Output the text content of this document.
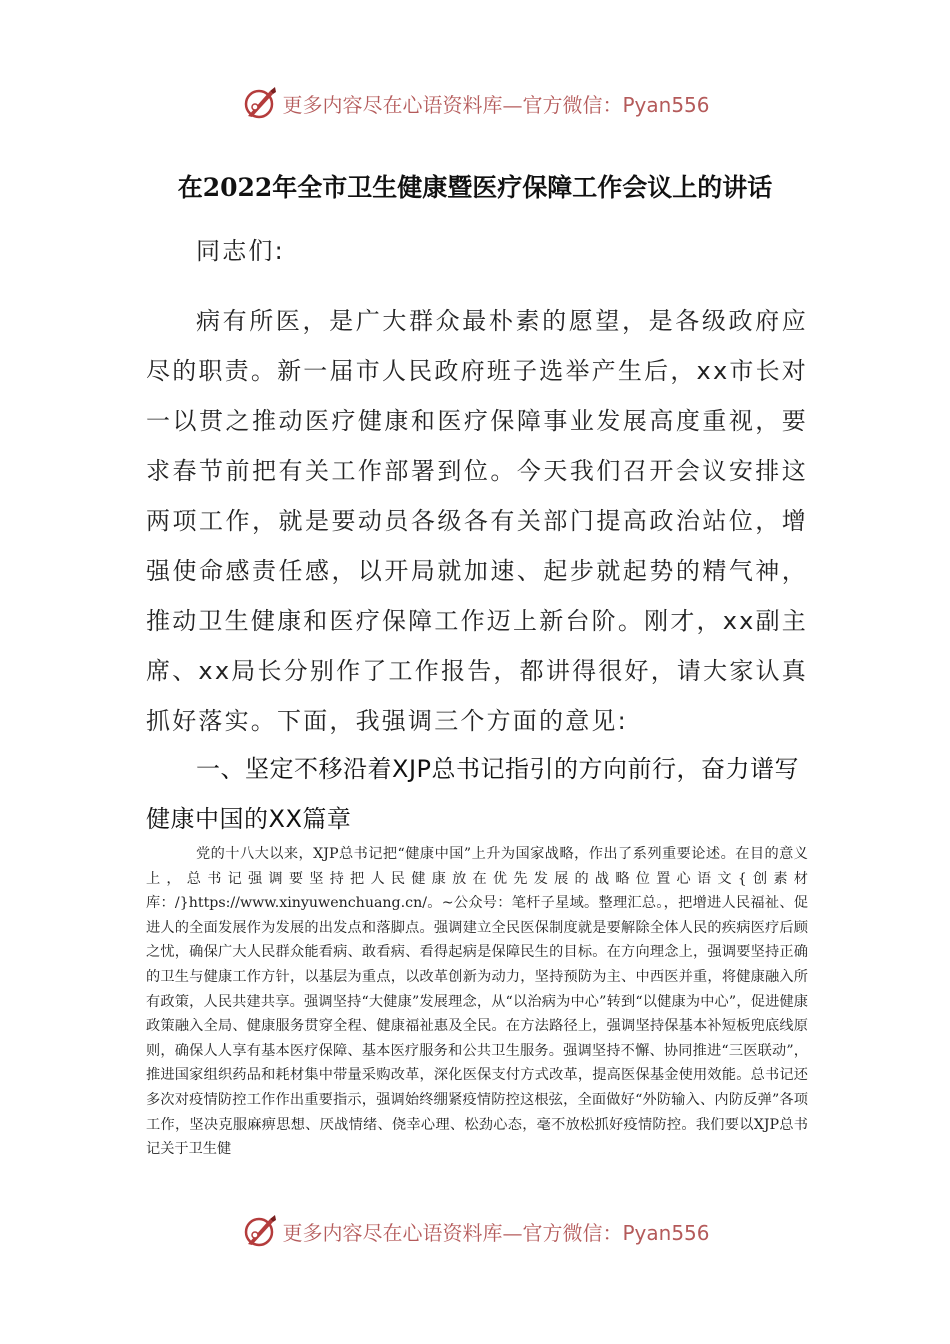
更多内容尽在心语资料库—官方微信：Pyan556
在2022年全市卫生健康暨医疗保障工作会议上的讲话

同志们:

病有所医，是广大群众最朴素的愿望，是各级政府应尽的职责。新一届市人民政府班子选举产生后，xx市长对一以贯之推动医疗健康和医疗保障事业发展高度重视，要求春节前把有关工作部署到位。今天我们召开会议安排这两项工作，就是要动员各级各有关部门提高政治站位，增强使命感责任感，以开局就加速、起步就起势的精气神，推动卫生健康和医疗保障工作迈上新台阶。刚才，xx副主席、xx局长分别作了工作报告，都讲得很好，请大家认真抓好落实。下面，我强调三个方面的意见:

一、坚定不移沿着XJP总书记指引的方向前行，奋力谱写健康中国的XX篇章
党的十八大以来，XJP总书记把“健康中国”上升为国家战略，作出了系列重要论述。在目的意义上，总书记强调要坚持把人民健康放在优先发展的战略位置心语文{创素材库：/}https://www.xinyuwenchuang.cn/。~公众号：笔杆子星域。整理汇总。，把增进人民福祉、促进人的全面发展作为发展的出发点和落脚点。强调建立全民医保制度就是要解除全体人民的疾病医疗后顾之忧，确保广大人民群众能看病、敢看病、看得起病是保障民生的目标。在方向理念上，强调要坚持正确的卫生与健康工作方针，以基层为重点，以改革创新为动力，坚持预防为主、中西医并重，将健康融入所有政策，人民共建共享。强调坚持“大健康”发展理念，从“以治病为中心”转到“以健康为中心”，促进健康政策融入全局、健康服务贯穿全程、健康福祉惠及全民。在方法路径上，强调坚持保基本补短板兜底线原则，确保人人享有基本医疗保障、基本医疗服务和公共卫生服务。强调坚持不懈、协同推进“三医联动”，推进国家组织药品和耗材集中带量采购改革，深化医保支付方式改革，提高医保基金使用效能。总书记还多次对疫情防控工作作出重要指示，强调始终绷紧疫情防控这根弦，全面做好“外防输入、内防反弹”各项工作，坚决克服麻痹思想、厌战情绪、侥幸心理、松劲心态，毫不放松抓好疫情防控。我们要以XJP总书记关于卫生健
更多内容尽在心语资料库—官方微信：Pyan556
